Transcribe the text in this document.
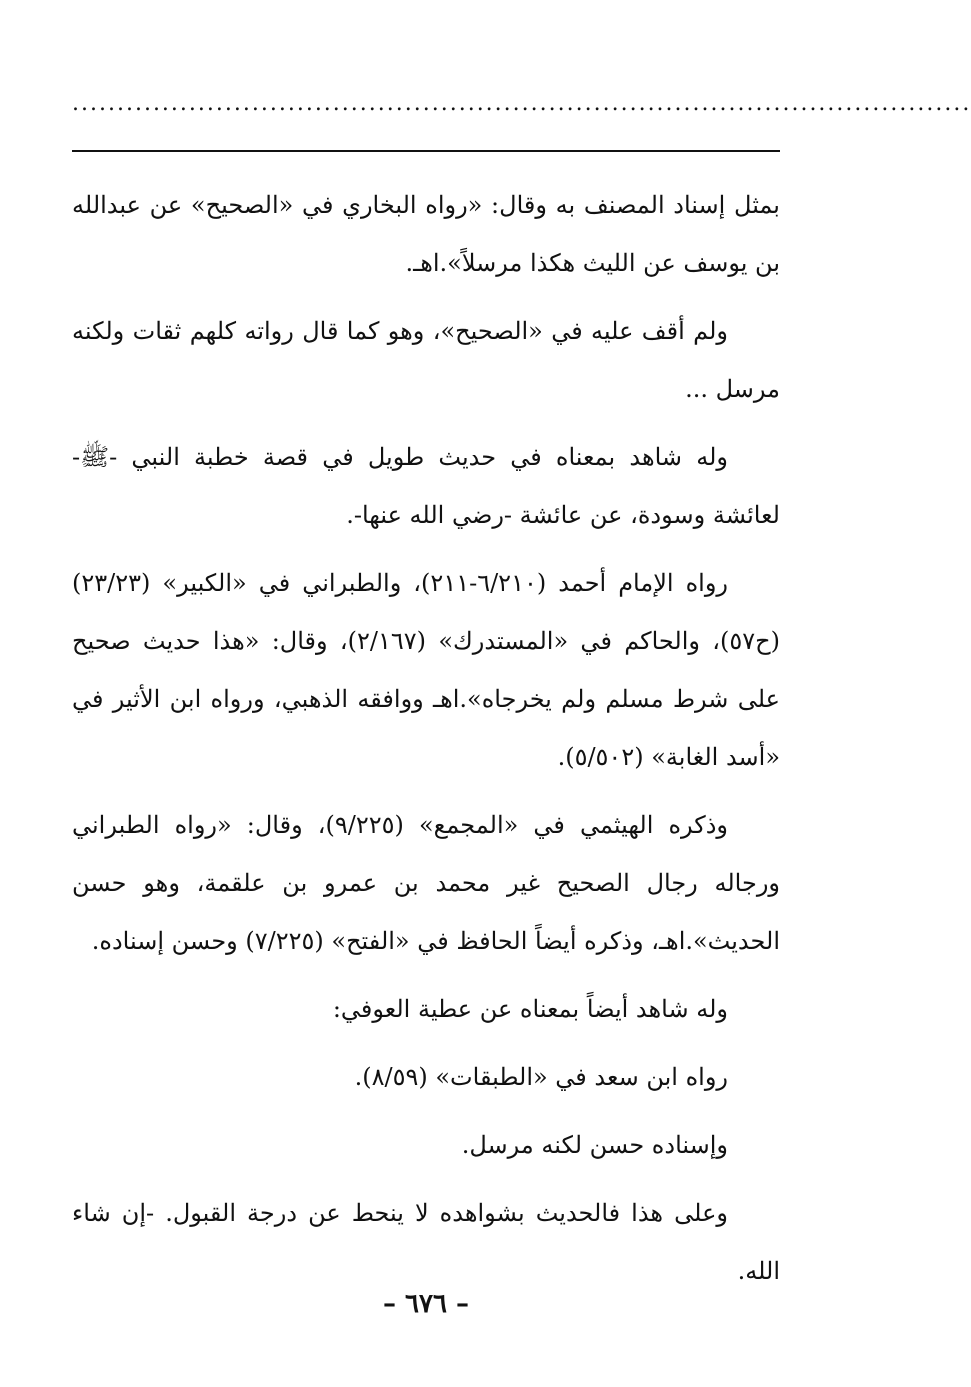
....................................................................................................

بمثل إسناد المصنف به وقال: «رواه البخاري في «الصحيح» عن عبدالله بن يوسف عن الليث هكذا مرسلاً».اهـ.

ولم أقف عليه في «الصحيح»، وهو كما قال رواته كلهم ثقات ولكنه مرسل ...

وله شاهد بمعناه في حديث طويل في قصة خطبة النبي -ﷺ- لعائشة وسودة، عن عائشة -رضي الله عنها-.

رواه الإمام أحمد (٦/٢١٠-٢١١)، والطبراني في «الكبير» (٢٣/٢٣) (ح٥٧)، والحاكم في «المستدرك» (٢/١٦٧)، وقال: «هذا حديث صحيح على شرط مسلم ولم يخرجاه».اهـ ووافقه الذهبي، ورواه ابن الأثير في «أسد الغابة» (٥/٥٠٢).

وذكره الهيثمي في «المجمع» (٩/٢٢٥)، وقال: «رواه الطبراني ورجاله رجال الصحيح غير محمد بن عمرو بن علقمة، وهو حسن الحديث».اهـ، وذكره أيضاً الحافظ في «الفتح» (٧/٢٢٥) وحسن إسناده.

وله شاهد أيضاً بمعناه عن عطية العوفي:

رواه ابن سعد في «الطبقات» (٨/٥٩).

وإسناده حسن لكنه مرسل.

وعلى هذا فالحديث بشواهده لا ينحط عن درجة القبول. -إن شاء الله.

– ٦٧٦ –
